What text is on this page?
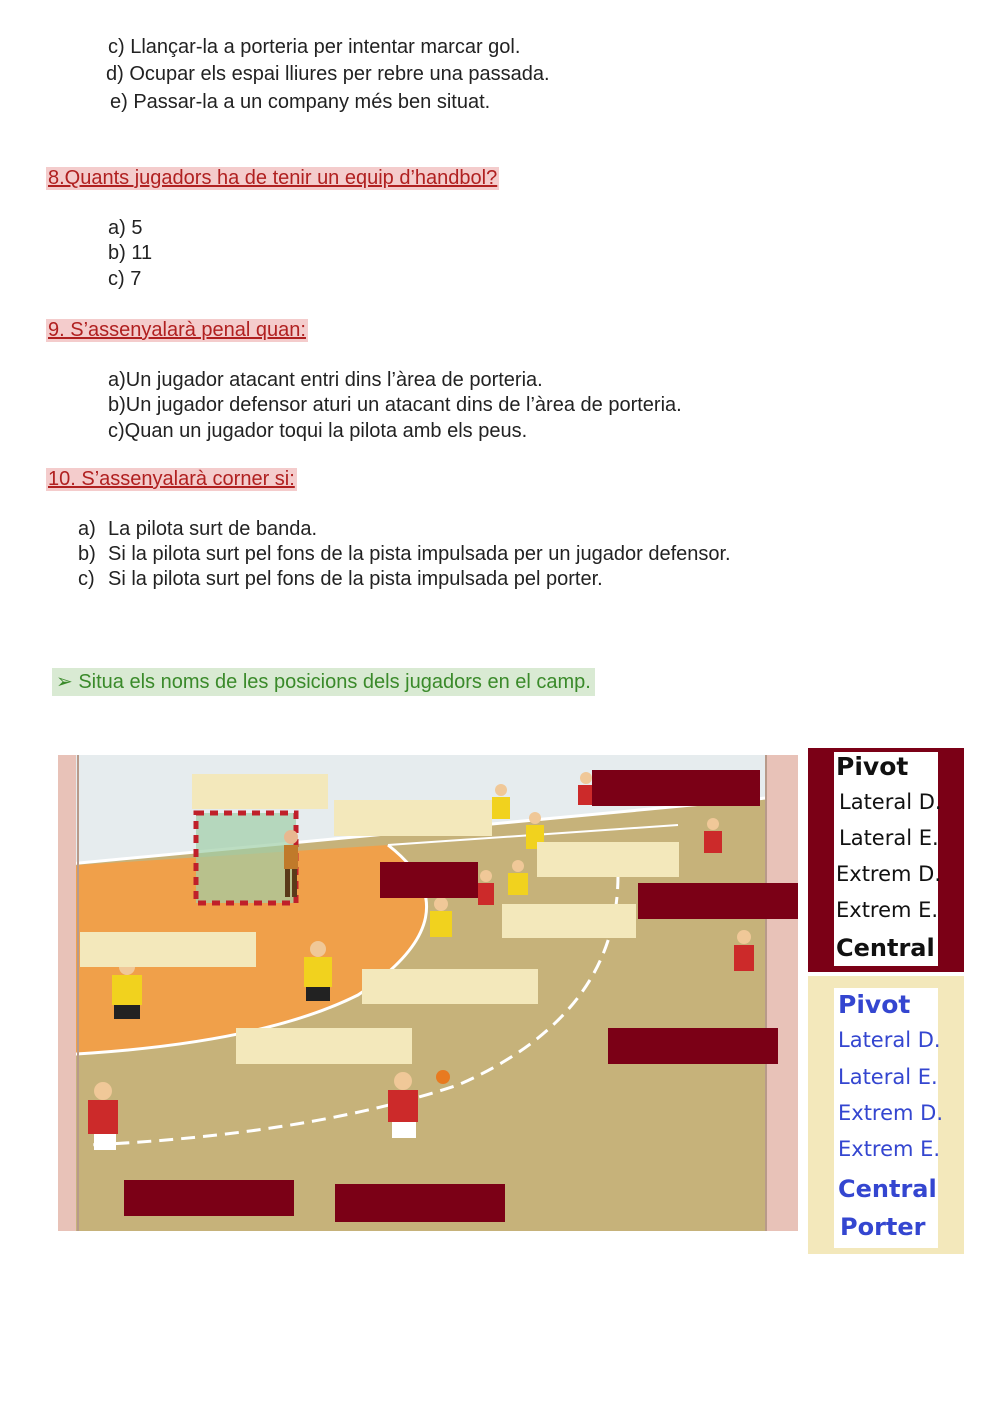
c) Llançar-la a porteria per intentar marcar gol.
d) Ocupar els espai lliures per rebre una passada.
e) Passar-la a un company més ben situat.
8.Quants jugadors ha de tenir un equip d’handbol?
a) 5
b) 11
c) 7
9. S’assenyalarà penal quan:
a)Un jugador atacant entri dins l’àrea de porteria.
b)Un jugador defensor aturi un atacant dins de l’àrea de porteria.
c)Quan un jugador toqui la pilota amb els peus.
10. S’assenyalarà corner si:
a) La pilota surt de banda.
b) Si la pilota surt pel fons de la pista impulsada per un jugador defensor.
c) Si la pilota surt pel fons de la pista impulsada pel porter.
➢ Situa els noms de les posicions dels jugadors en el camp.
Pivot
Lateral D.
Lateral E.
Extrem D.
Extrem E.
Central
Pivot
Lateral D.
Lateral E.
Extrem D.
Extrem E.
Central
Porter
